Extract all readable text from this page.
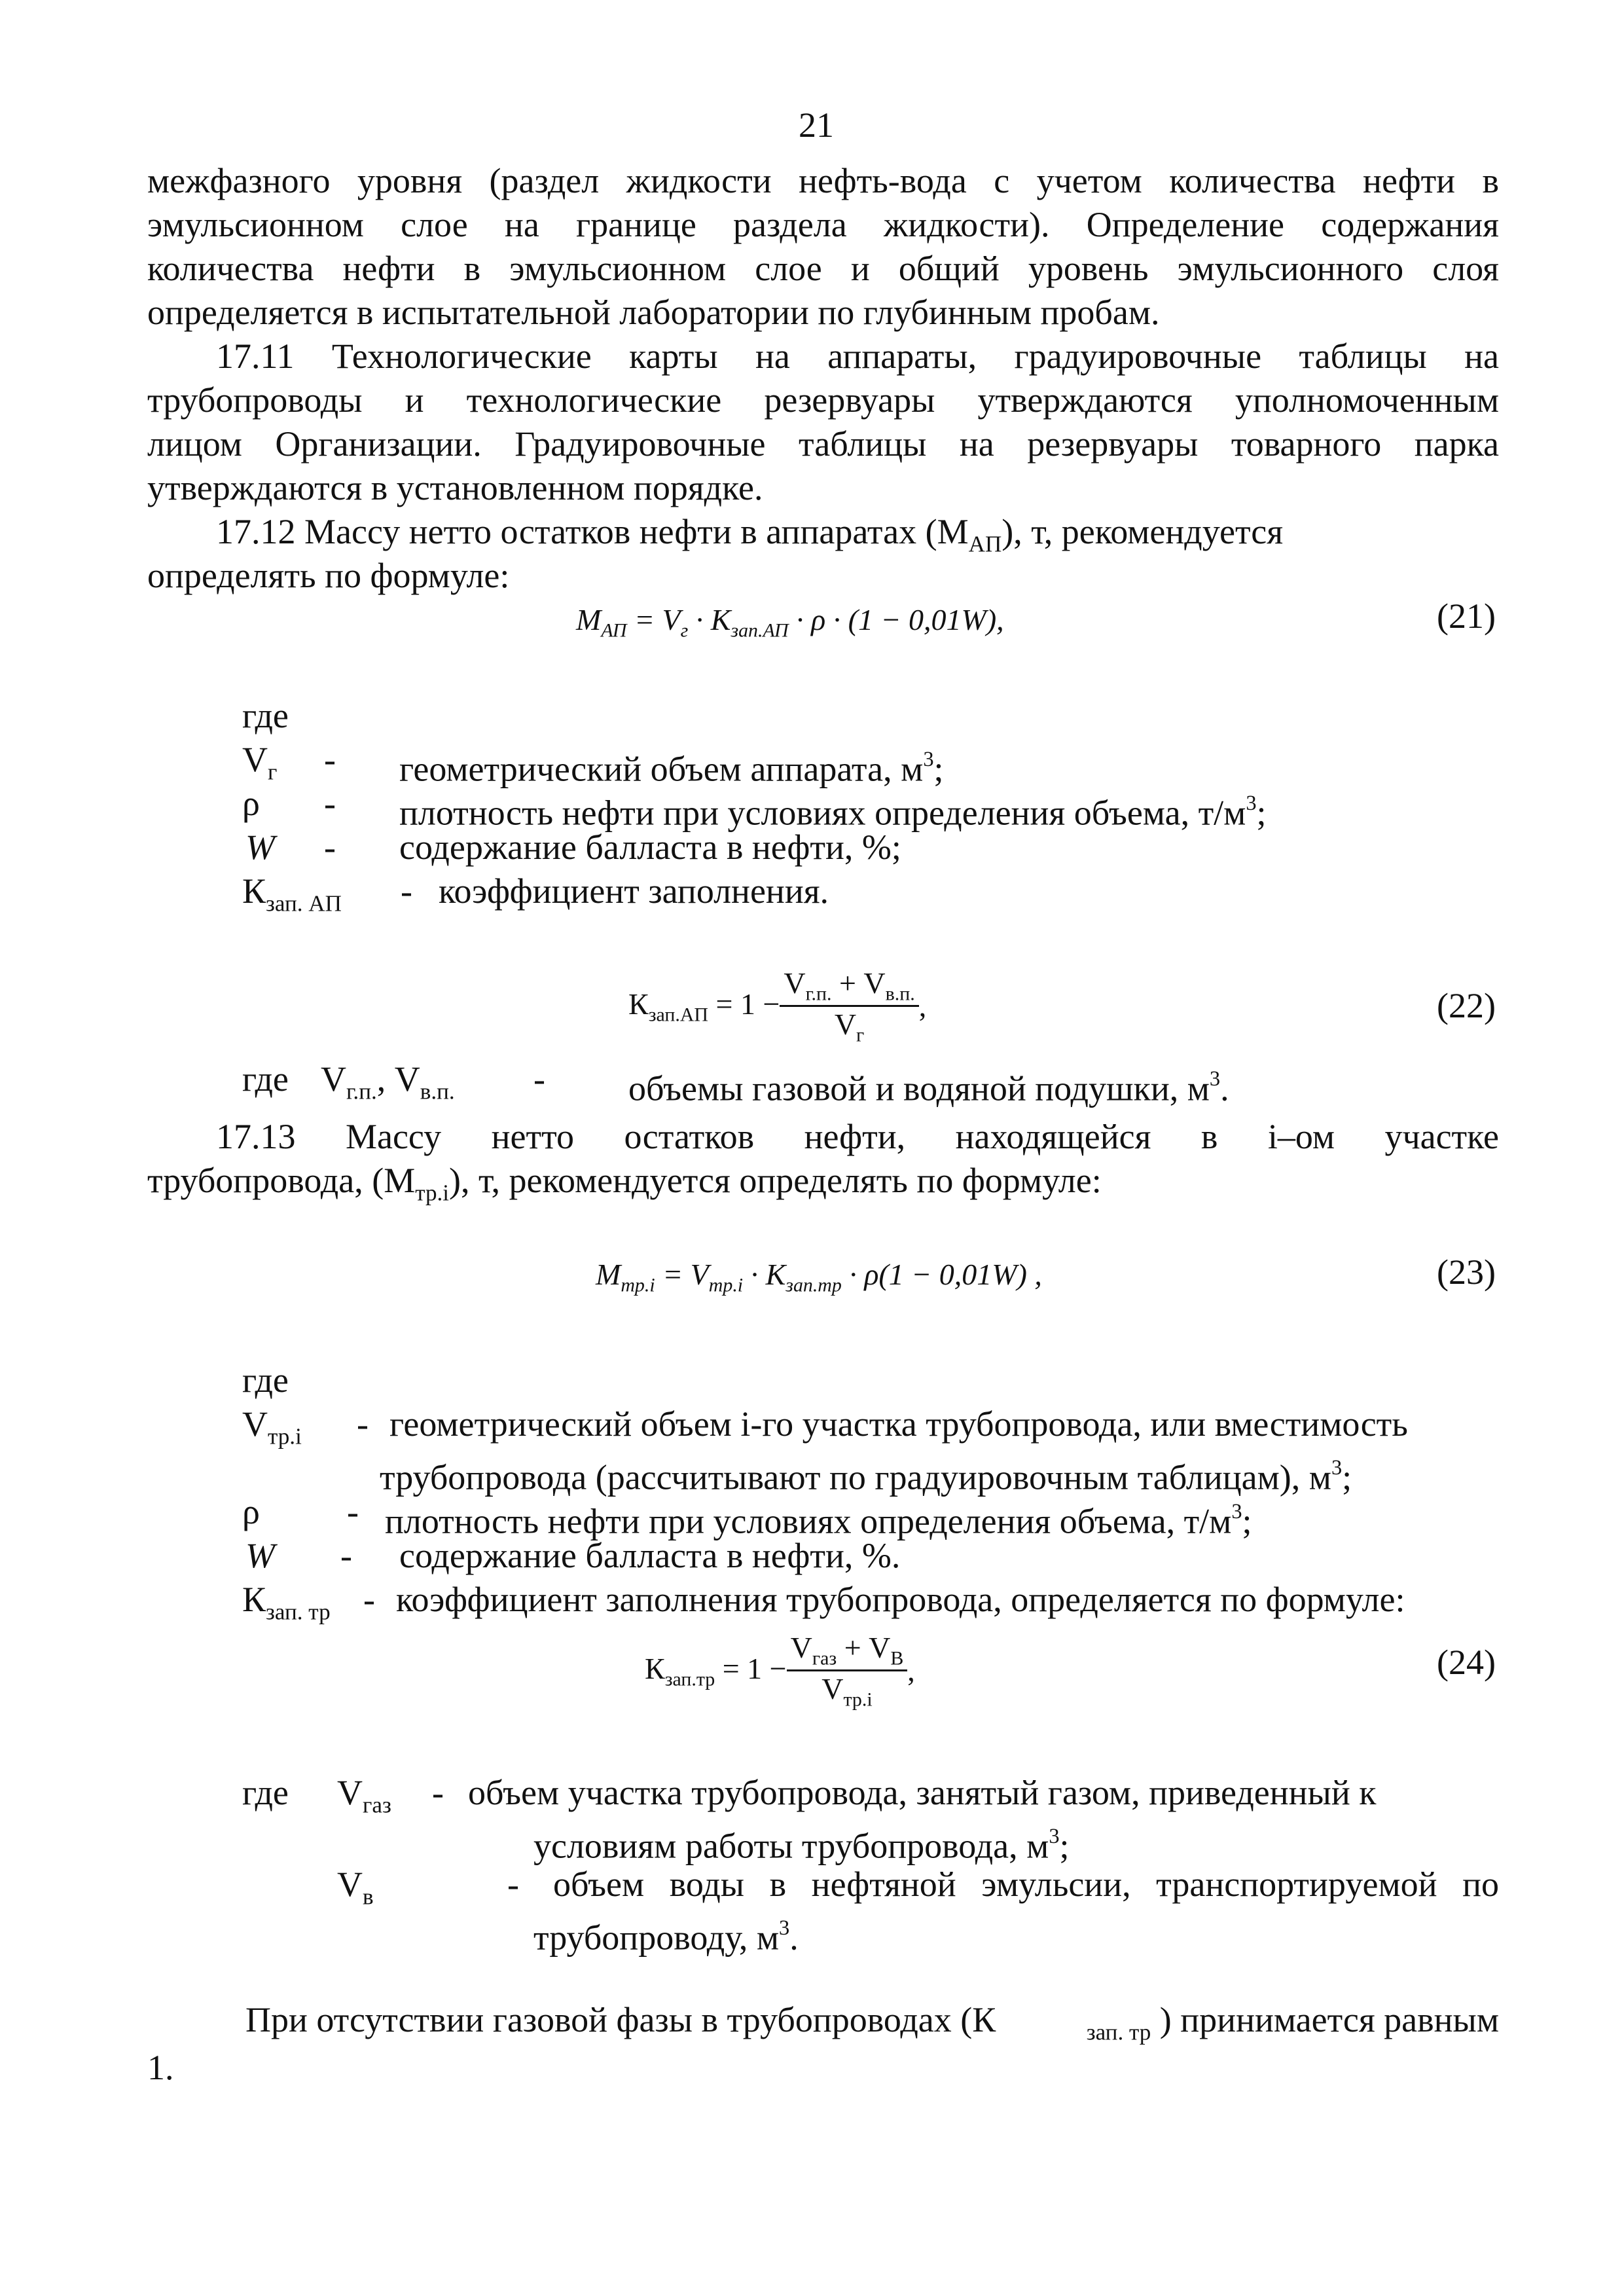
21
межфазного уровня (раздел жидкости нефть-вода с учетом количества нефти в
эмульсионном слое на границе раздела жидкости). Определение содержания
количества нефти в эмульсионном слое и общий уровень эмульсионного слоя
определяется в испытательной лаборатории по глубинным пробам.
17.11 Технологические карты на аппараты, градуировочные таблицы на
трубопроводы и технологические резервуары утверждаются уполномоченным
лицом Организации. Градуировочные таблицы на резервуары товарного парка
утверждаются в установленном порядке.
17.12 Массу нетто остатков нефти в аппаратах $(М_{АП})$, т, рекомендуется
определять по формуле:
$M_{АП} = V_г \cdot K_{зап.АП} \cdot \rho \cdot (1 - 0,01W)$,	(21)
где
$V_г$ - геометрический объем аппарата, $м^3$;
ρ - плотность нефти при условиях определения объема, $т/м^3$;
W - содержание балласта в нефти, %;
$К_{зап. АП}$ - коэффициент заполнения.
$К_{зап.АП} = 1 - \frac{V_{г.п.} + V_{в.п.}}{V_г}$ ,	(22)
где $V_{г.п.}$, $V_{в.п.}$ - объемы газовой и водяной подушки, $м^3$.
17.13 Массу нетто остатков нефти, находящейся в i–ом участке
трубопровода, $(М_{тр.i})$, т, рекомендуется определять по формуле:
$M_{тр.i} = V_{тр.i} \cdot K_{зап.тр} \cdot \rho(1 - 0,01W)$ ,	(23)
где
$V_{тр.i}$ - геометрический объем i-го участка трубопровода, или вместимость
трубопровода (рассчитывают по градуировочным таблицам), $м^3$;
ρ - плотность нефти при условиях определения объема, $т/м^3$;
W - содержание балласта в нефти, %.
$К_{зап. тр}$ - коэффициент заполнения трубопровода, определяется по формуле:
$К_{зап.тр} = 1 - \frac{V_{газ} + V_В}{V_{тр.i}}$ ,	(24)
где $V_{газ}$ - объем участка трубопровода, занятый газом, приведенный к
условиям работы трубопровода, $м^3$;
$V_в$	- объем воды в нефтяной эмульсии, транспортируемой по
трубопроводу, $м^3$.
При отсутствии газовой фазы в трубопроводах (К	$_{зап. тр}$ ) принимается равным
1.
